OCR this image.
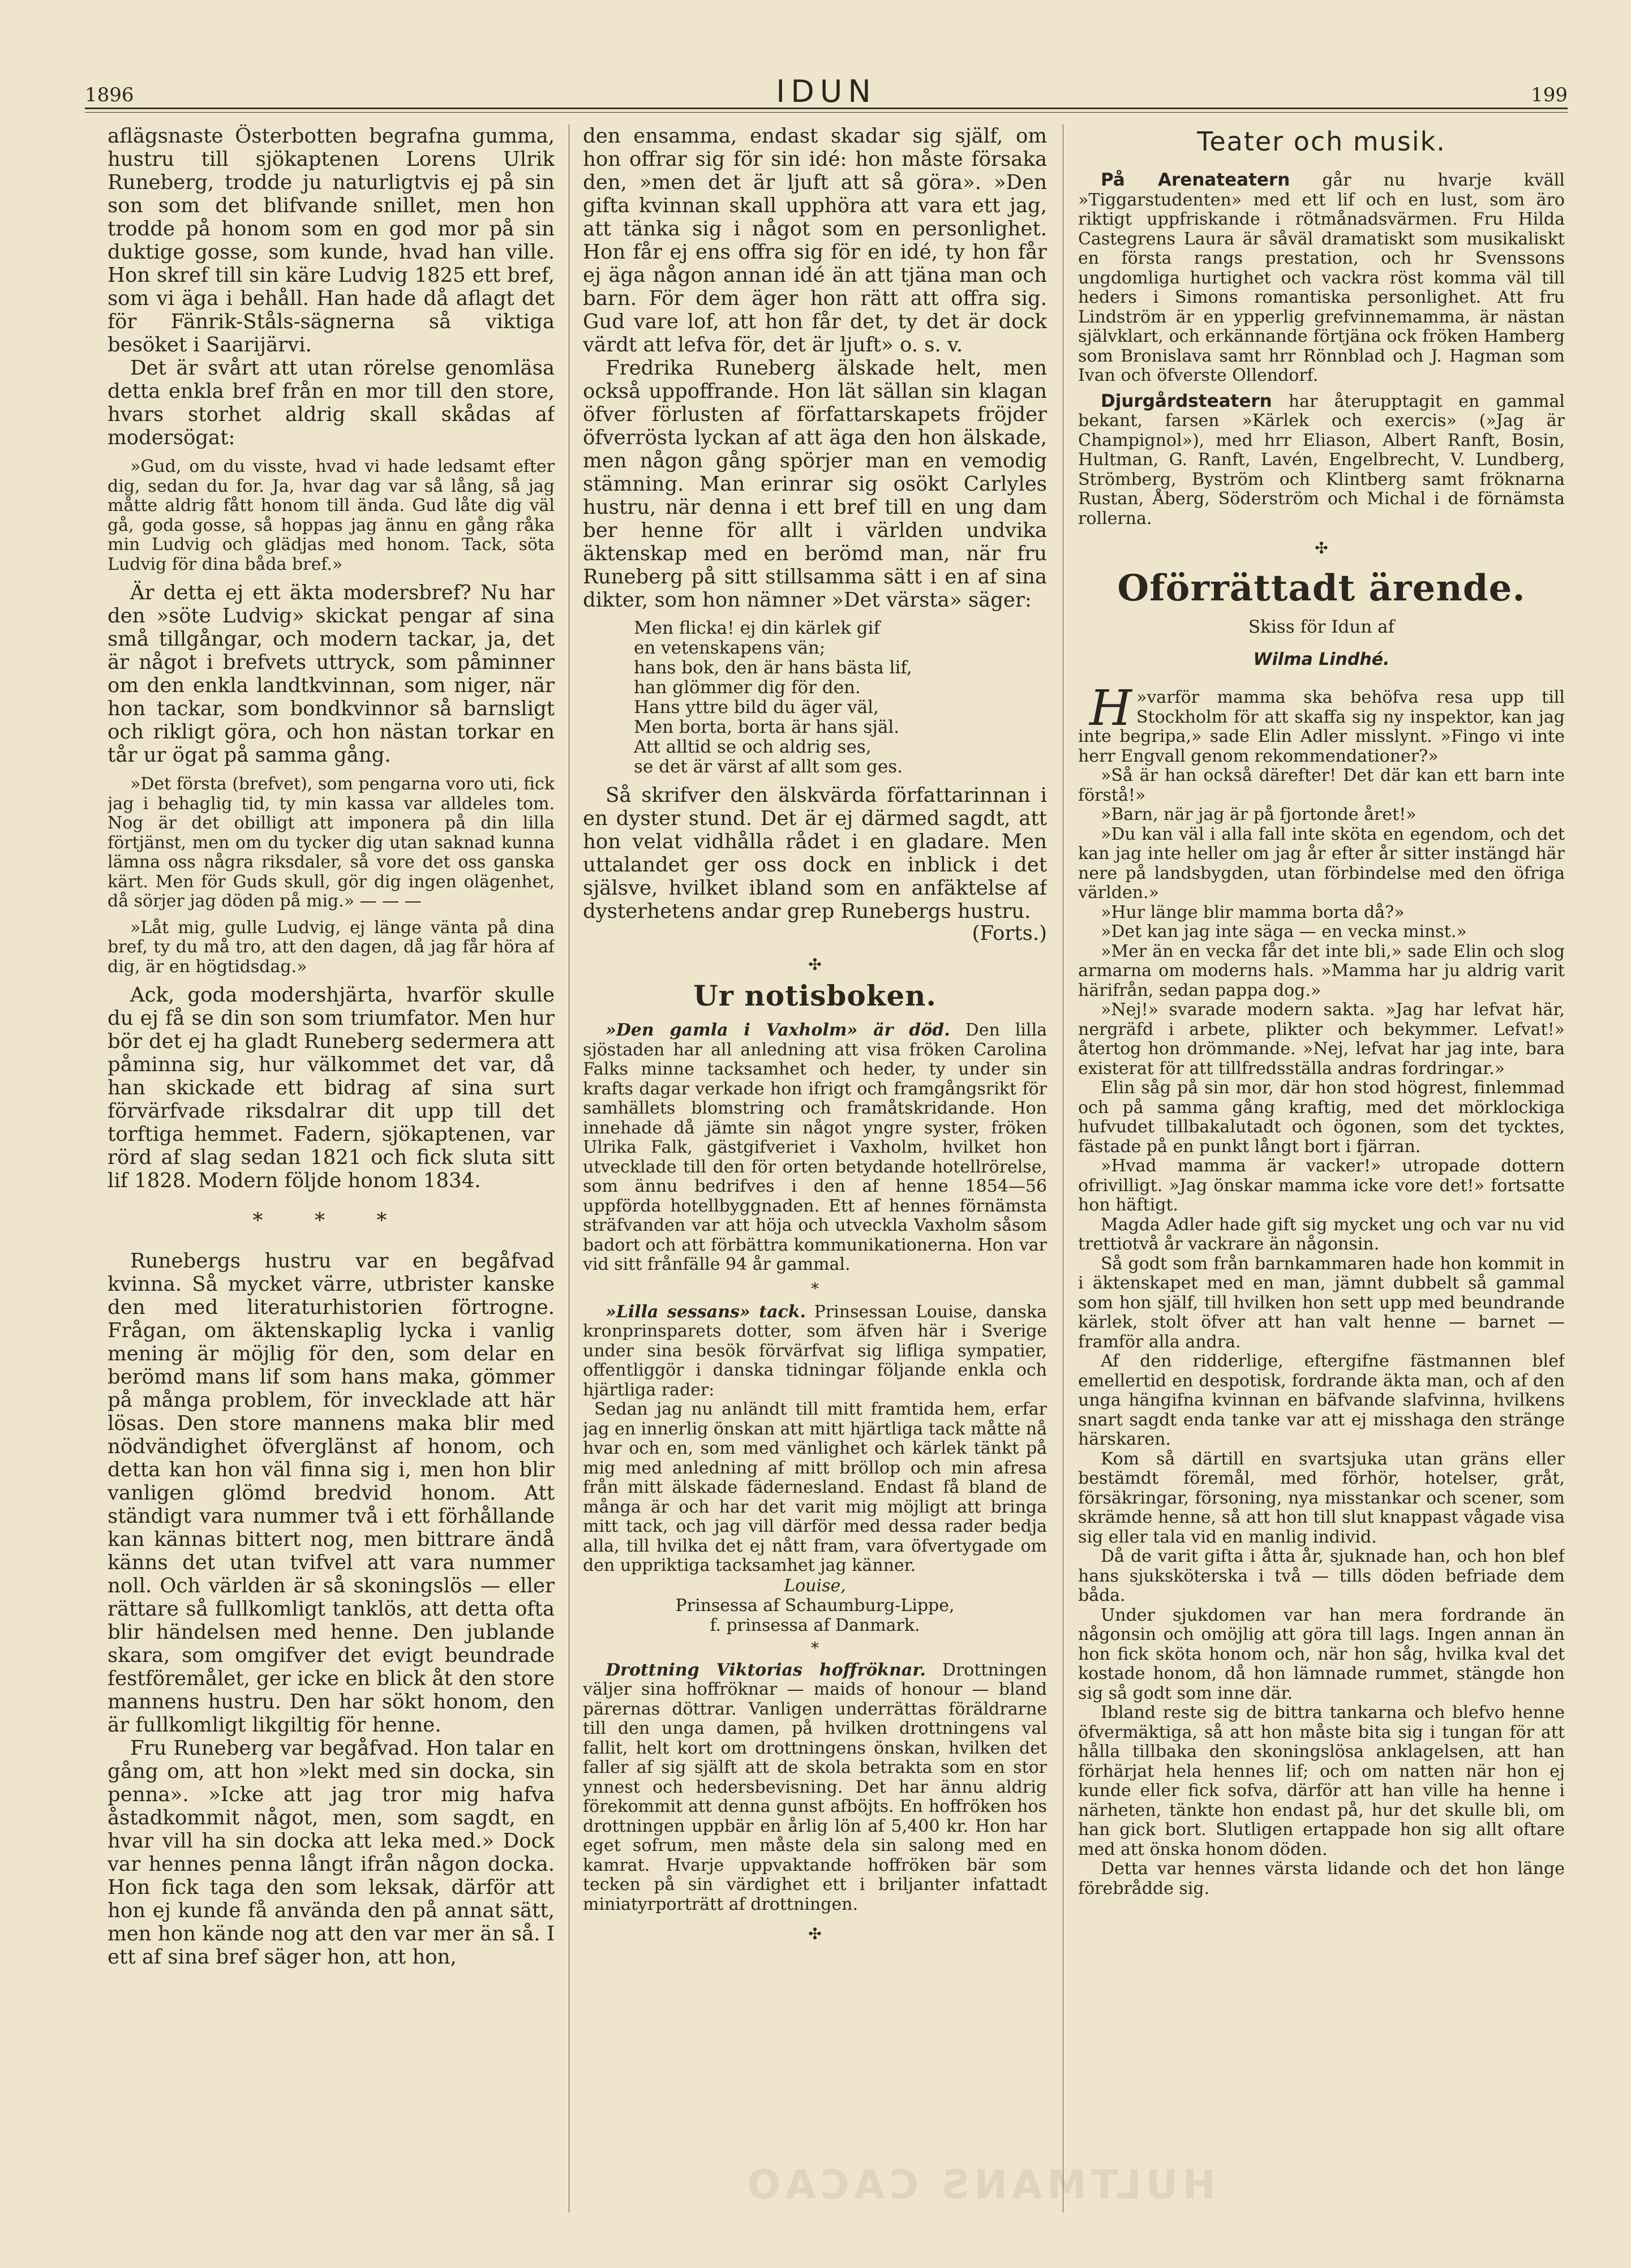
1896	IDUN	199

aflägsnaste Österbotten begrafna gumma, hustru till sjökaptenen Lorens Ulrik Runeberg, trodde ju naturligtvis ej på sin son som det blifvande snillet, men hon trodde på honom som en god mor på sin duktige gosse, som kunde, hvad han ville. Hon skref till sin käre Ludvig 1825 ett bref, som vi äga i behåll. Han hade då aflagt det för Fänrik-Ståls-sägnerna så viktiga besöket i Saarijärvi.

Det är svårt att utan rörelse genomläsa detta enkla bref från en mor till den store, hvars storhet aldrig skall skådas af modersögat:

»Gud, om du visste, hvad vi hade ledsamt efter dig, sedan du for. Ja, hvar dag var så lång, så jag måtte aldrig fått honom till ända. Gud låte dig väl gå, goda gosse, så hoppas jag ännu en gång råka min Ludvig och glädjas med honom. Tack, söta Ludvig för dina båda bref.»

Är detta ej ett äkta modersbref? Nu har den »söte Ludvig» skickat pengar af sina små tillgångar, och modern tackar, ja, det är något i brefvets uttryck, som påminner om den enkla landtkvinnan, som niger, när hon tackar, som bondkvinnor så barnsligt och rikligt göra, och hon nästan torkar en tår ur ögat på samma gång.

»Det första (brefvet), som pengarna voro uti, fick jag i behaglig tid, ty min kassa var alldeles tom. Nog är det obilligt att imponera på din lilla förtjänst, men om du tycker dig utan saknad kunna lämna oss några riksdaler, så vore det oss ganska kärt. Men för Guds skull, gör dig ingen olägenhet, då sörjer jag döden på mig.» — — —

»Låt mig, gulle Ludvig, ej länge vänta på dina bref, ty du må tro, att den dagen, då jag får höra af dig, är en högtidsdag.»

Ack, goda modershjärta, hvarför skulle du ej få se din son som triumfator. Men hur bör det ej ha gladt Runeberg sedermera att påminna sig, hur välkommet det var, då han skickade ett bidrag af sina surt förvärfvade riksdalrar dit upp till det torftiga hemmet. Fadern, sjökaptenen, var rörd af slag sedan 1821 och fick sluta sitt lif 1828. Modern följde honom 1834.

* * *

Runebergs hustru var en begåfvad kvinna. Så mycket värre, utbrister kanske den med literaturhistorien förtrogne. Frågan, om äktenskaplig lycka i vanlig mening är möjlig för den, som delar en berömd mans lif som hans maka, gömmer på många problem, för invecklade att här lösas. Den store mannens maka blir med nödvändighet öfverglänst af honom, och detta kan hon väl finna sig i, men hon blir vanligen glömd bredvid honom. Att ständigt vara nummer två i ett förhållande kan kännas bittert nog, men bittrare ändå känns det utan tvifvel att vara nummer noll. Och världen är så skoningslös — eller rättare så fullkomligt tanklös, att detta ofta blir händelsen med henne. Den jublande skara, som omgifver det evigt beundrade festföremålet, ger icke en blick åt den store mannens hustru. Den har sökt honom, den är fullkomligt likgiltig för henne.

Fru Runeberg var begåfvad. Hon talar en gång om, att hon »lekt med sin docka, sin penna». »Icke att jag tror mig hafva åstadkommit något, men, som sagdt, en hvar vill ha sin docka att leka med.» Dock var hennes penna långt ifrån någon docka. Hon fick taga den som leksak, därför att hon ej kunde få använda den på annat sätt, men hon kände nog att den var mer än så. I ett af sina bref säger hon, att hon,

den ensamma, endast skadar sig själf, om hon offrar sig för sin idé: hon måste försaka den, »men det är ljuft att så göra». »Den gifta kvinnan skall upphöra att vara ett jag, att tänka sig i något som en personlighet. Hon får ej ens offra sig för en idé, ty hon får ej äga någon annan idé än att tjäna man och barn. För dem äger hon rätt att offra sig. Gud vare lof, att hon får det, ty det är dock värdt att lefva för, det är ljuft» o. s. v.

Fredrika Runeberg älskade helt, men också uppoffrande. Hon lät sällan sin klagan öfver förlusten af författarskapets fröjder öfverrösta lyckan af att äga den hon älskade, men någon gång spörjer man en vemodig stämning. Man erinrar sig osökt Carlyles hustru, när denna i ett bref till en ung dam ber henne för allt i världen undvika äktenskap med en berömd man, när fru Runeberg på sitt stillsamma sätt i en af sina dikter, som hon nämner »Det värsta» säger:

Men flicka! ej din kärlek gif
en vetenskapens vän;
hans bok, den är hans bästa lif,
han glömmer dig för den.
Hans yttre bild du äger väl,
Men borta, borta är hans själ.
Att alltid se och aldrig ses,
se det är värst af allt som ges.

Så skrifver den älskvärda författarinnan i en dyster stund. Det är ej därmed sagdt, att hon velat vidhålla rådet i en gladare. Men uttalandet ger oss dock en inblick i det själsve, hvilket ibland som en anfäktelse af dysterhetens andar grep Runebergs hustru.

(Forts.)
✣
Ur notisboken.

»Den gamla i Vaxholm» är död. Den lilla sjöstaden har all anledning att visa fröken Carolina Falks minne tacksamhet och heder, ty under sin krafts dagar verkade hon ifrigt och framgångsrikt för samhällets blomstring och framåtskridande. Hon innehade då jämte sin något yngre syster, fröken Ulrika Falk, gästgifveriet i Vaxholm, hvilket hon utvecklade till den för orten betydande hotellrörelse, som ännu bedrifves i den af henne 1854—56 uppförda hotellbyggnaden. Ett af hennes förnämsta sträfvanden var att höja och utveckla Vaxholm såsom badort och att förbättra kommunikationerna. Hon var vid sitt frånfälle 94 år gammal.

*

»Lilla sessans» tack. Prinsessan Louise, danska kronprinsparets dotter, som äfven här i Sverige under sina besök förvärfvat sig lifliga sympatier, offentliggör i danska tidningar följande enkla och hjärtliga rader:

Sedan jag nu anländt till mitt framtida hem, erfar jag en innerlig önskan att mitt hjärtliga tack måtte nå hvar och en, som med vänlighet och kärlek tänkt på mig med anledning af mitt bröllop och min afresa från mitt älskade fädernesland. Endast få bland de många är och har det varit mig möjligt att bringa mitt tack, och jag vill därför med dessa rader bedja alla, till hvilka det ej nått fram, vara öfvertygade om den uppriktiga tacksamhet jag känner.

Louise,
Prinsessa af Schaumburg-Lippe,
f. prinsessa af Danmark.
*

Drottning Viktorias hoffröknar. Drottningen väljer sina hoffröknar — maids of honour — bland pärernas döttrar. Vanligen underrättas föräldrarne till den unga damen, på hvilken drottningens val fallit, helt kort om drottningens önskan, hvilken det faller af sig själft att de skola betrakta som en stor ynnest och hedersbevisning. Det har ännu aldrig förekommit att denna gunst afböjts. En hoffröken hos drottningen uppbär en årlig lön af 5,400 kr. Hon har eget sofrum, men måste dela sin salong med en kamrat. Hvarje uppvaktande hoffröken bär som tecken på sin värdighet ett i briljanter infattadt miniatyrporträtt af drottningen.

✣
Teater och musik.

På Arenateatern går nu hvarje kväll »Tiggarstudenten» med ett lif och en lust, som äro riktigt uppfriskande i rötmånadsvärmen. Fru Hilda Castegrens Laura är såväl dramatiskt som musikaliskt en första rangs prestation, och hr Svenssons ungdomliga hurtighet och vackra röst komma väl till heders i Simons romantiska personlighet. Att fru Lindström är en ypperlig grefvinnemamma, är nästan självklart, och erkännande förtjäna ock fröken Hamberg som Bronislava samt hrr Rönnblad och J. Hagman som Ivan och öfverste Ollendorf.

Djurgårdsteatern har återupptagit en gammal bekant, farsen »Kärlek och exercis» (»Jag är Champignol»), med hrr Eliason, Albert Ranft, Bosin, Hultman, G. Ranft, Lavén, Engelbrecht, V. Lundberg, Strömberg, Byström och Klintberg samt fröknarna Rustan, Åberg, Söderström och Michal i de förnämsta rollerna.

✣
Oförrättadt ärende.
Skiss för Idun af
Wilma Lindhé.
H »varför mamma ska behöfva resa upp till Stockholm för att skaffa sig ny inspektor, kan jag inte begripa,» sade Elin Adler misslynt. »Fingo vi inte herr Engvall genom rekommendationer?»

»Så är han också därefter! Det där kan ett barn inte förstå!»

»Barn, när jag är på fjortonde året!»

»Du kan väl i alla fall inte sköta en egendom, och det kan jag inte heller om jag år efter år sitter instängd här nere på landsbygden, utan förbindelse med den öfriga världen.»

»Hur länge blir mamma borta då?»

»Det kan jag inte säga — en vecka minst.»

»Mer än en vecka får det inte bli,» sade Elin och slog armarna om moderns hals. »Mamma har ju aldrig varit härifrån, sedan pappa dog.»

»Nej!» svarade modern sakta. »Jag har lefvat här, nergräfd i arbete, plikter och bekymmer. Lefvat!» återtog hon drömmande. »Nej, lefvat har jag inte, bara existerat för att tillfredsställa andras fordringar.»

Elin såg på sin mor, där hon stod högrest, finlemmad och på samma gång kraftig, med det mörklockiga hufvudet tillbakalutadt och ögonen, som det tycktes, fästade på en punkt långt bort i fjärran.

»Hvad mamma är vacker!» utropade dottern ofrivilligt. »Jag önskar mamma icke vore det!» fortsatte hon häftigt.

Magda Adler hade gift sig mycket ung och var nu vid trettiotvå år vackrare än någonsin.

Så godt som från barnkammaren hade hon kommit in i äktenskapet med en man, jämnt dubbelt så gammal som hon själf, till hvilken hon sett upp med beundrande kärlek, stolt öfver att han valt henne — barnet — framför alla andra.

Af den ridderlige, eftergifne fästmannen blef emellertid en despotisk, fordrande äkta man, och af den unga hängifna kvinnan en bäfvande slafvinna, hvilkens snart sagdt enda tanke var att ej misshaga den stränge härskaren.

Kom så därtill en svartsjuka utan gräns eller bestämdt föremål, med förhör, hotelser, gråt, försäkringar, försoning, nya misstankar och scener, som skrämde henne, så att hon till slut knappast vågade visa sig eller tala vid en manlig individ.

Då de varit gifta i åtta år, sjuknade han, och hon blef hans sjuksköterska i två — tills döden befriade dem båda.

Under sjukdomen var han mera fordrande än någonsin och omöjlig att göra till lags. Ingen annan än hon fick sköta honom och, när hon såg, hvilka kval det kostade honom, då hon lämnade rummet, stängde hon sig så godt som inne där.

Ibland reste sig de bittra tankarna och blefvo henne öfvermäktiga, så att hon måste bita sig i tungan för att hålla tillbaka den skoningslösa anklagelsen, att han förhärjat hela hennes lif; och om natten när hon ej kunde eller fick sofva, därför att han ville ha henne i närheten, tänkte hon endast på, hur det skulle bli, om han gick bort. Slutligen ertappade hon sig allt oftare med att önska honom döden.

Detta var hennes värsta lidande och det hon länge förebrådde sig.

HULTMANS CACAO
